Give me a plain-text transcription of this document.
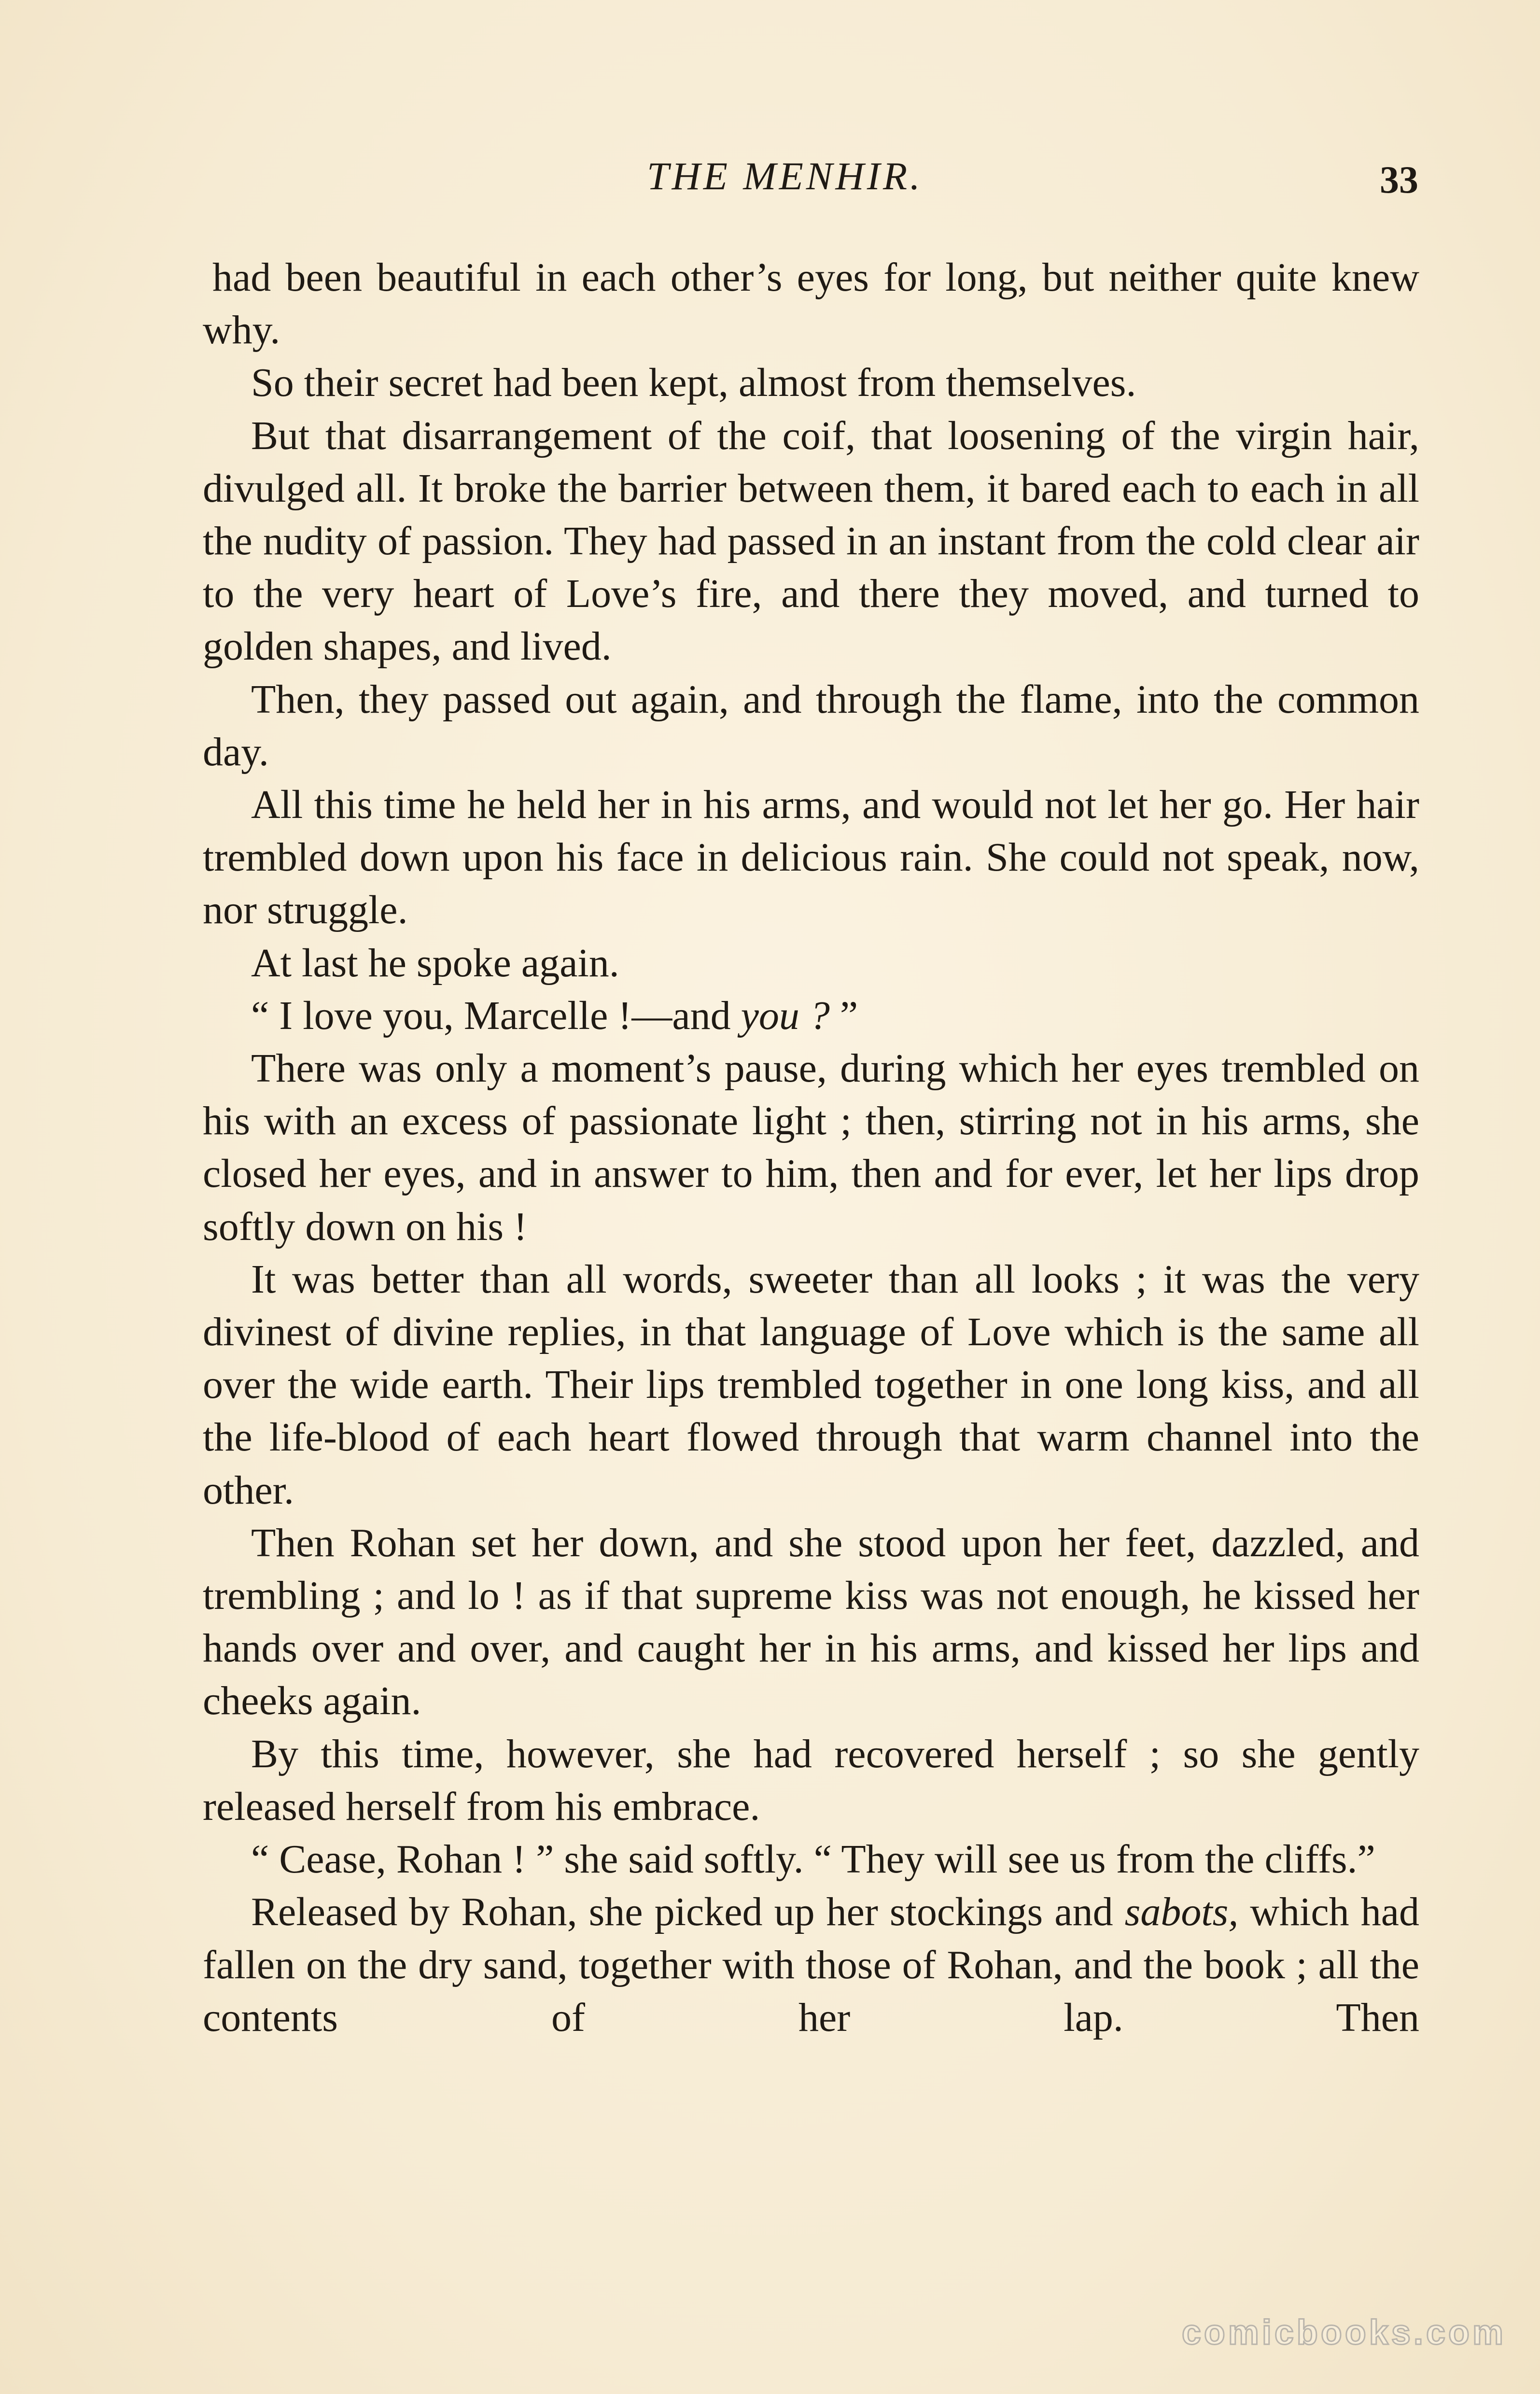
THE MENHIR.	33

had been beautiful in each other’s eyes for long, but neither quite knew why.

So their secret had been kept, almost from themselves.

But that disarrangement of the coif, that loosening of the virgin hair, divulged all. It broke the barrier between them, it bared each to each in all the nudity of passion. They had passed in an instant from the cold clear air to the very heart of Love’s fire, and there they moved, and turned to golden shapes, and lived.

Then, they passed out again, and through the flame, into the common day.

All this time he held her in his arms, and would not let her go. Her hair trembled down upon his face in delicious rain. She could not speak, now, nor struggle.

At last he spoke again.

“ I love you, Marcelle !—and you ? ”

There was only a moment’s pause, during which her eyes trembled on his with an excess of passionate light ; then, stirring not in his arms, she closed her eyes, and in answer to him, then and for ever, let her lips drop softly down on his !

It was better than all words, sweeter than all looks ; it was the very divinest of divine replies, in that language of Love which is the same all over the wide earth. Their lips trembled together in one long kiss, and all the life-blood of each heart flowed through that warm channel into the other.

Then Rohan set her down, and she stood upon her feet, dazzled, and trembling ; and lo ! as if that supreme kiss was not enough, he kissed her hands over and over, and caught her in his arms, and kissed her lips and cheeks again.

By this time, however, she had recovered herself ; so she gently released herself from his embrace.

“ Cease, Rohan ! ” she said softly. “ They will see us from the cliffs.”

Released by Rohan, she picked up her stockings and sabots, which had fallen on the dry sand, together with those of Rohan, and the book ; all the contents of her lap. Then

comicbooks.com
